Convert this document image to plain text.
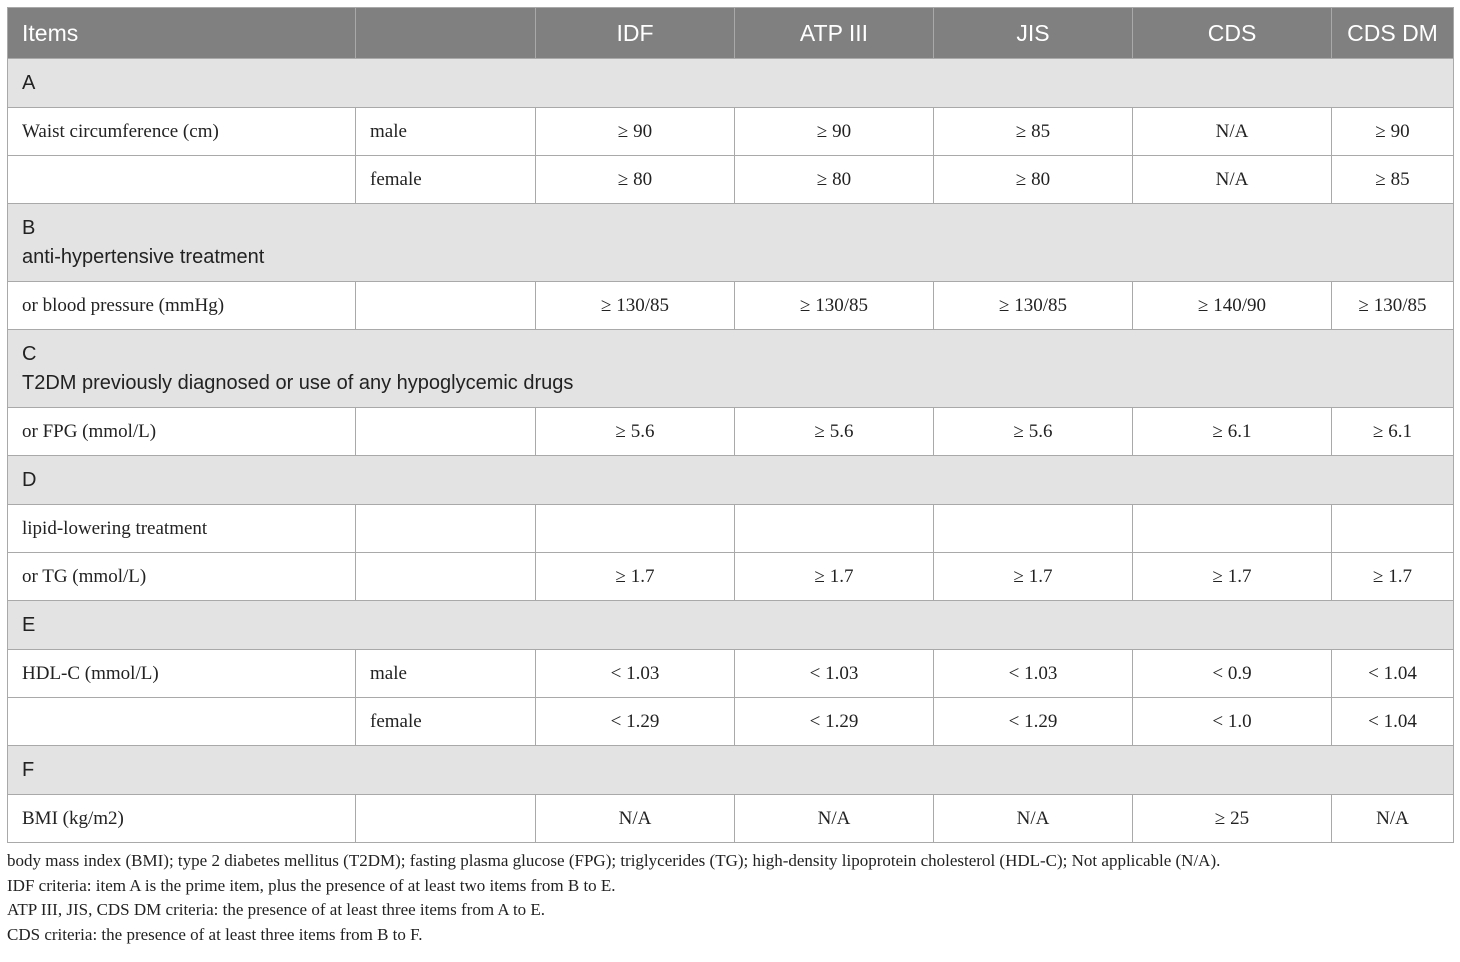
Items		IDF	ATP III	JIS	CDS	CDS DM
A						
Waist circumference (cm)	male	≥ 90	≥ 90	≥ 85	N/A	≥ 90
	female	≥ 80	≥ 80	≥ 80	N/A	≥ 85
B
anti-hypertensive treatment						
or blood pressure (mmHg)		≥ 130/85	≥ 130/85	≥ 130/85	≥ 140/90	≥ 130/85
C
T2DM previously diagnosed or use of any hypoglycemic drugs						
or FPG (mmol/L)		≥ 5.6	≥ 5.6	≥ 5.6	≥ 6.1	≥ 6.1
D						
lipid-lowering treatment						
or TG (mmol/L)		≥ 1.7	≥ 1.7	≥ 1.7	≥ 1.7	≥ 1.7
E						
HDL-C (mmol/L)	male	< 1.03	< 1.03	< 1.03	< 0.9	< 1.04
	female	< 1.29	< 1.29	< 1.29	< 1.0	< 1.04
F						
BMI (kg/m2)		N/A	N/A	N/A	≥ 25	N/A
body mass index (BMI); type 2 diabetes mellitus (T2DM); fasting plasma glucose (FPG); triglycerides (TG); high-density lipoprotein cholesterol (HDL-C); Not applicable (N/A).
IDF criteria: item A is the prime item, plus the presence of at least two items from B to E.
ATP III, JIS, CDS DM criteria: the presence of at least three items from A to E.
CDS criteria: the presence of at least three items from B to F.
